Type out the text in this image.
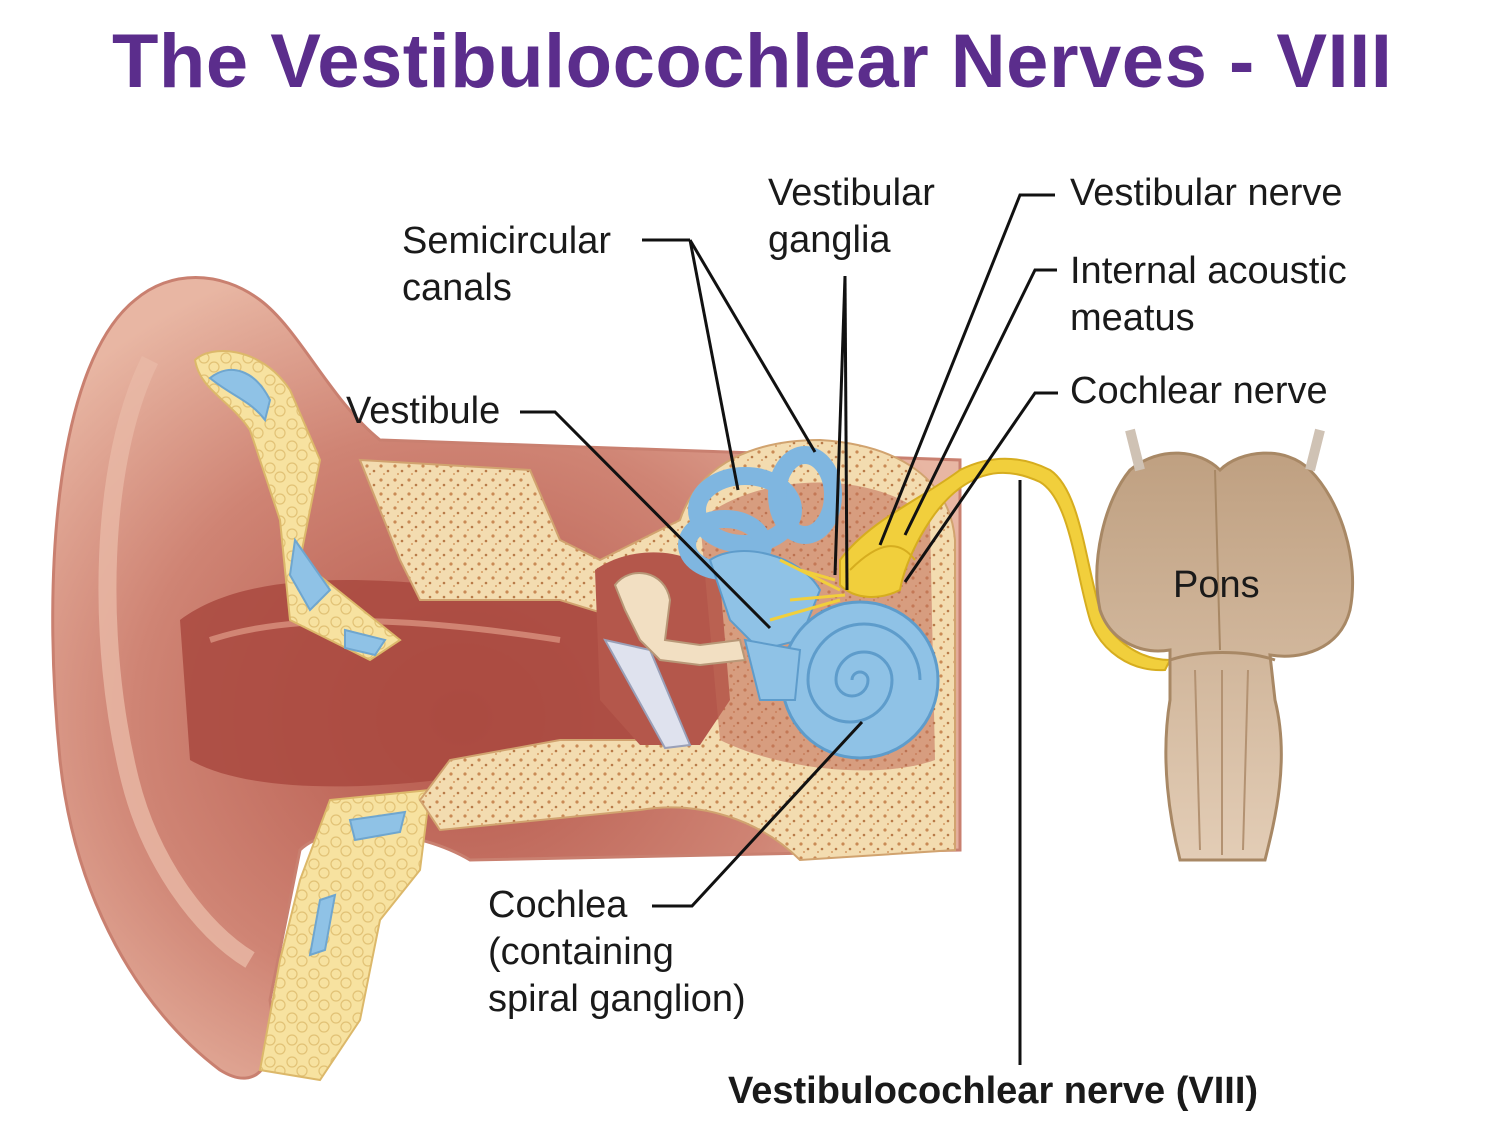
The Vestibulocochlear Nerves - VIII
Semicircular
canals
Vestibular
ganglia
Vestibular nerve
Internal acoustic
meatus
Cochlear nerve
Vestibule
Pons
Cochlea
(containing
spiral ganglion)
Vestibulocochlear nerve (VIII)
